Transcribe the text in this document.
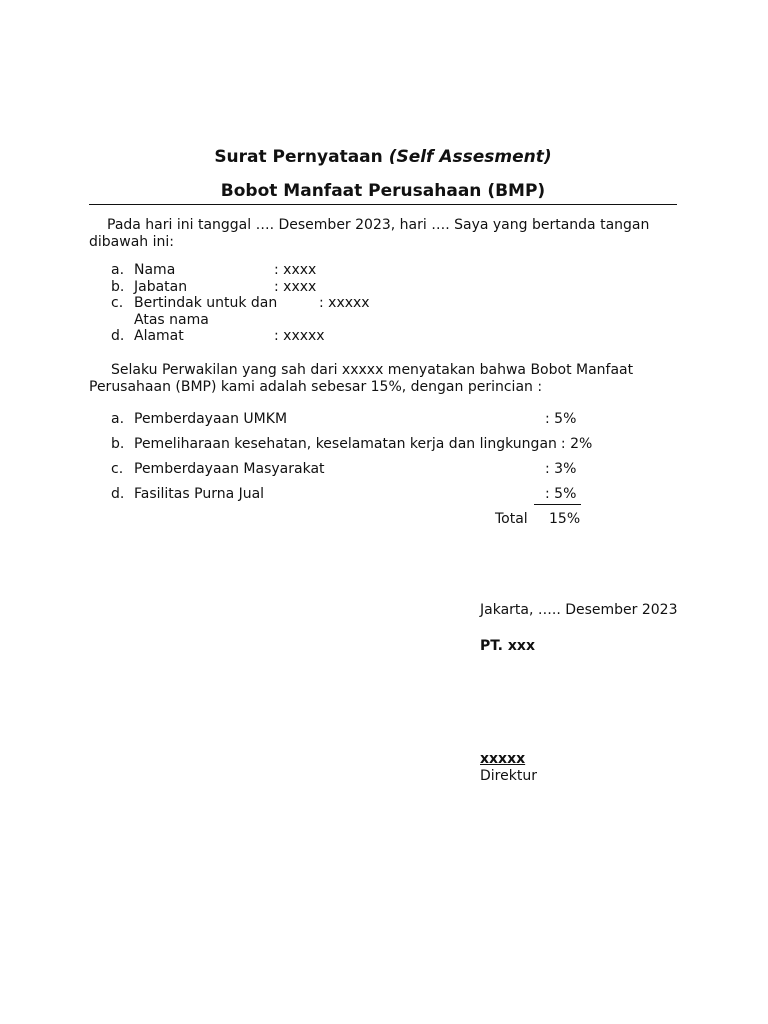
Surat Pernyataan (Self Assesment)
Bobot Manfaat Perusahaan (BMP)

Pada hari ini tanggal …. Desember 2023, hari …. Saya yang bertanda tangan dibawah ini:

a. Nama	: xxxx
b. Jabatan	: xxxx
c. Bertindak untuk dan	: xxxxx
Atas nama
d. Alamat	: xxxxx

Selaku Perwakilan yang sah dari xxxxx menyatakan bahwa Bobot Manfaat Perusahaan (BMP) kami adalah sebesar 15%, dengan perincian :

a. Pemberdayaan UMKM	: 5%
b. Pemeliharaan kesehatan, keselamatan kerja dan lingkungan : 2%
c. Pemberdayaan Masyarakat	: 3%
d. Fasilitas Purna Jual	: 5%
Total 15%
Jakarta, ….. Desember 2023
PT. xxx
xxxxx
Direktur
